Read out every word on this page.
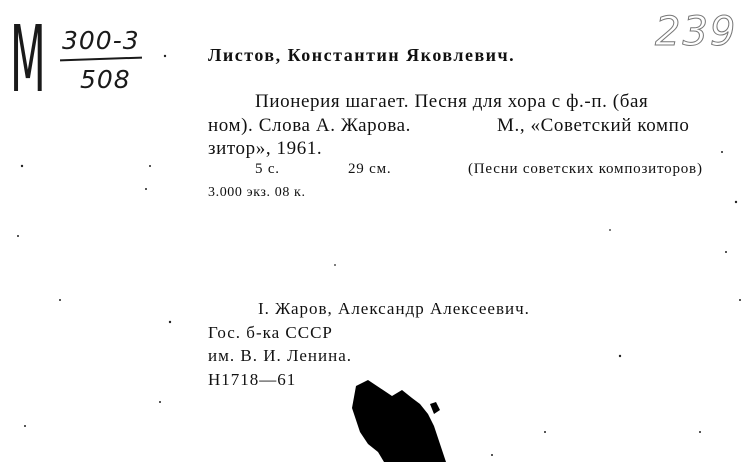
М 300-3
508
239
Листов, Константин Яковлевич.
Пионерия шагает. Песня для хора с ф.-п. (бая
ном). Слова А. Жарова.	М., «Советский компо
зитор», 1961.
5 с.	29 см.	(Песни советских композиторов)
3.000 экз. 08 к.
I. Жаров, Александр Алексеевич.
Гос. б-ка СССР
им. В. И. Ленина.
Н1718—61
